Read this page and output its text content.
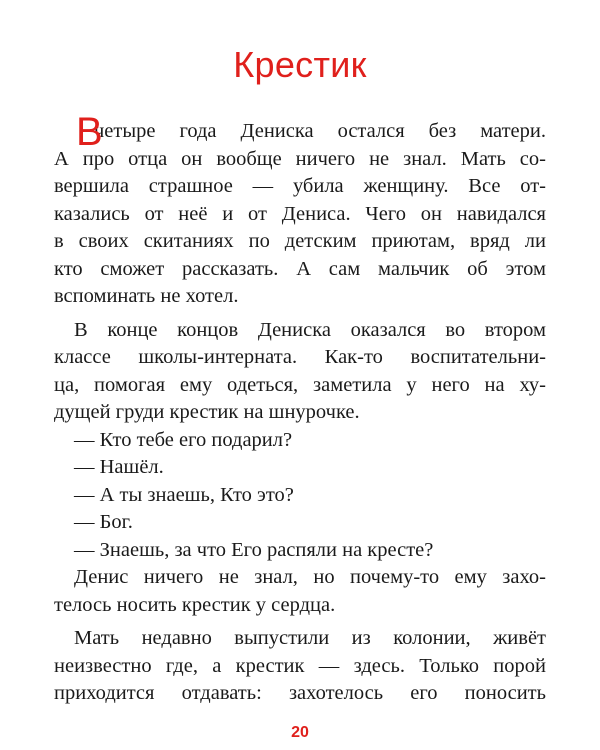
Крестик
В
четыре года Дениска остался без матери.
А про отца он вообще ничего не знал. Мать со-
вершила страшное — убила женщину. Все от-
казались от неё и от Дениса. Чего он навидался
в своих скитаниях по детским приютам, вряд ли
кто сможет рассказать. А сам мальчик об этом
вспоминать не хотел.
В конце концов Дениска оказался во втором
классе школы-интерната. Как-то воспитательни-
ца, помогая ему одеться, заметила у него на ху-
дущей груди крестик на шнурочке.
— Кто тебе его подарил?
— Нашёл.
— А ты знаешь, Кто это?
— Бог.
— Знаешь, за что Его распяли на кресте?
Денис ничего не знал, но почему-то ему захо-
телось носить крестик у сердца.
Мать недавно выпустили из колонии, живёт
неизвестно где, а крестик — здесь. Только порой
приходится отдавать: захотелось его поносить
20
